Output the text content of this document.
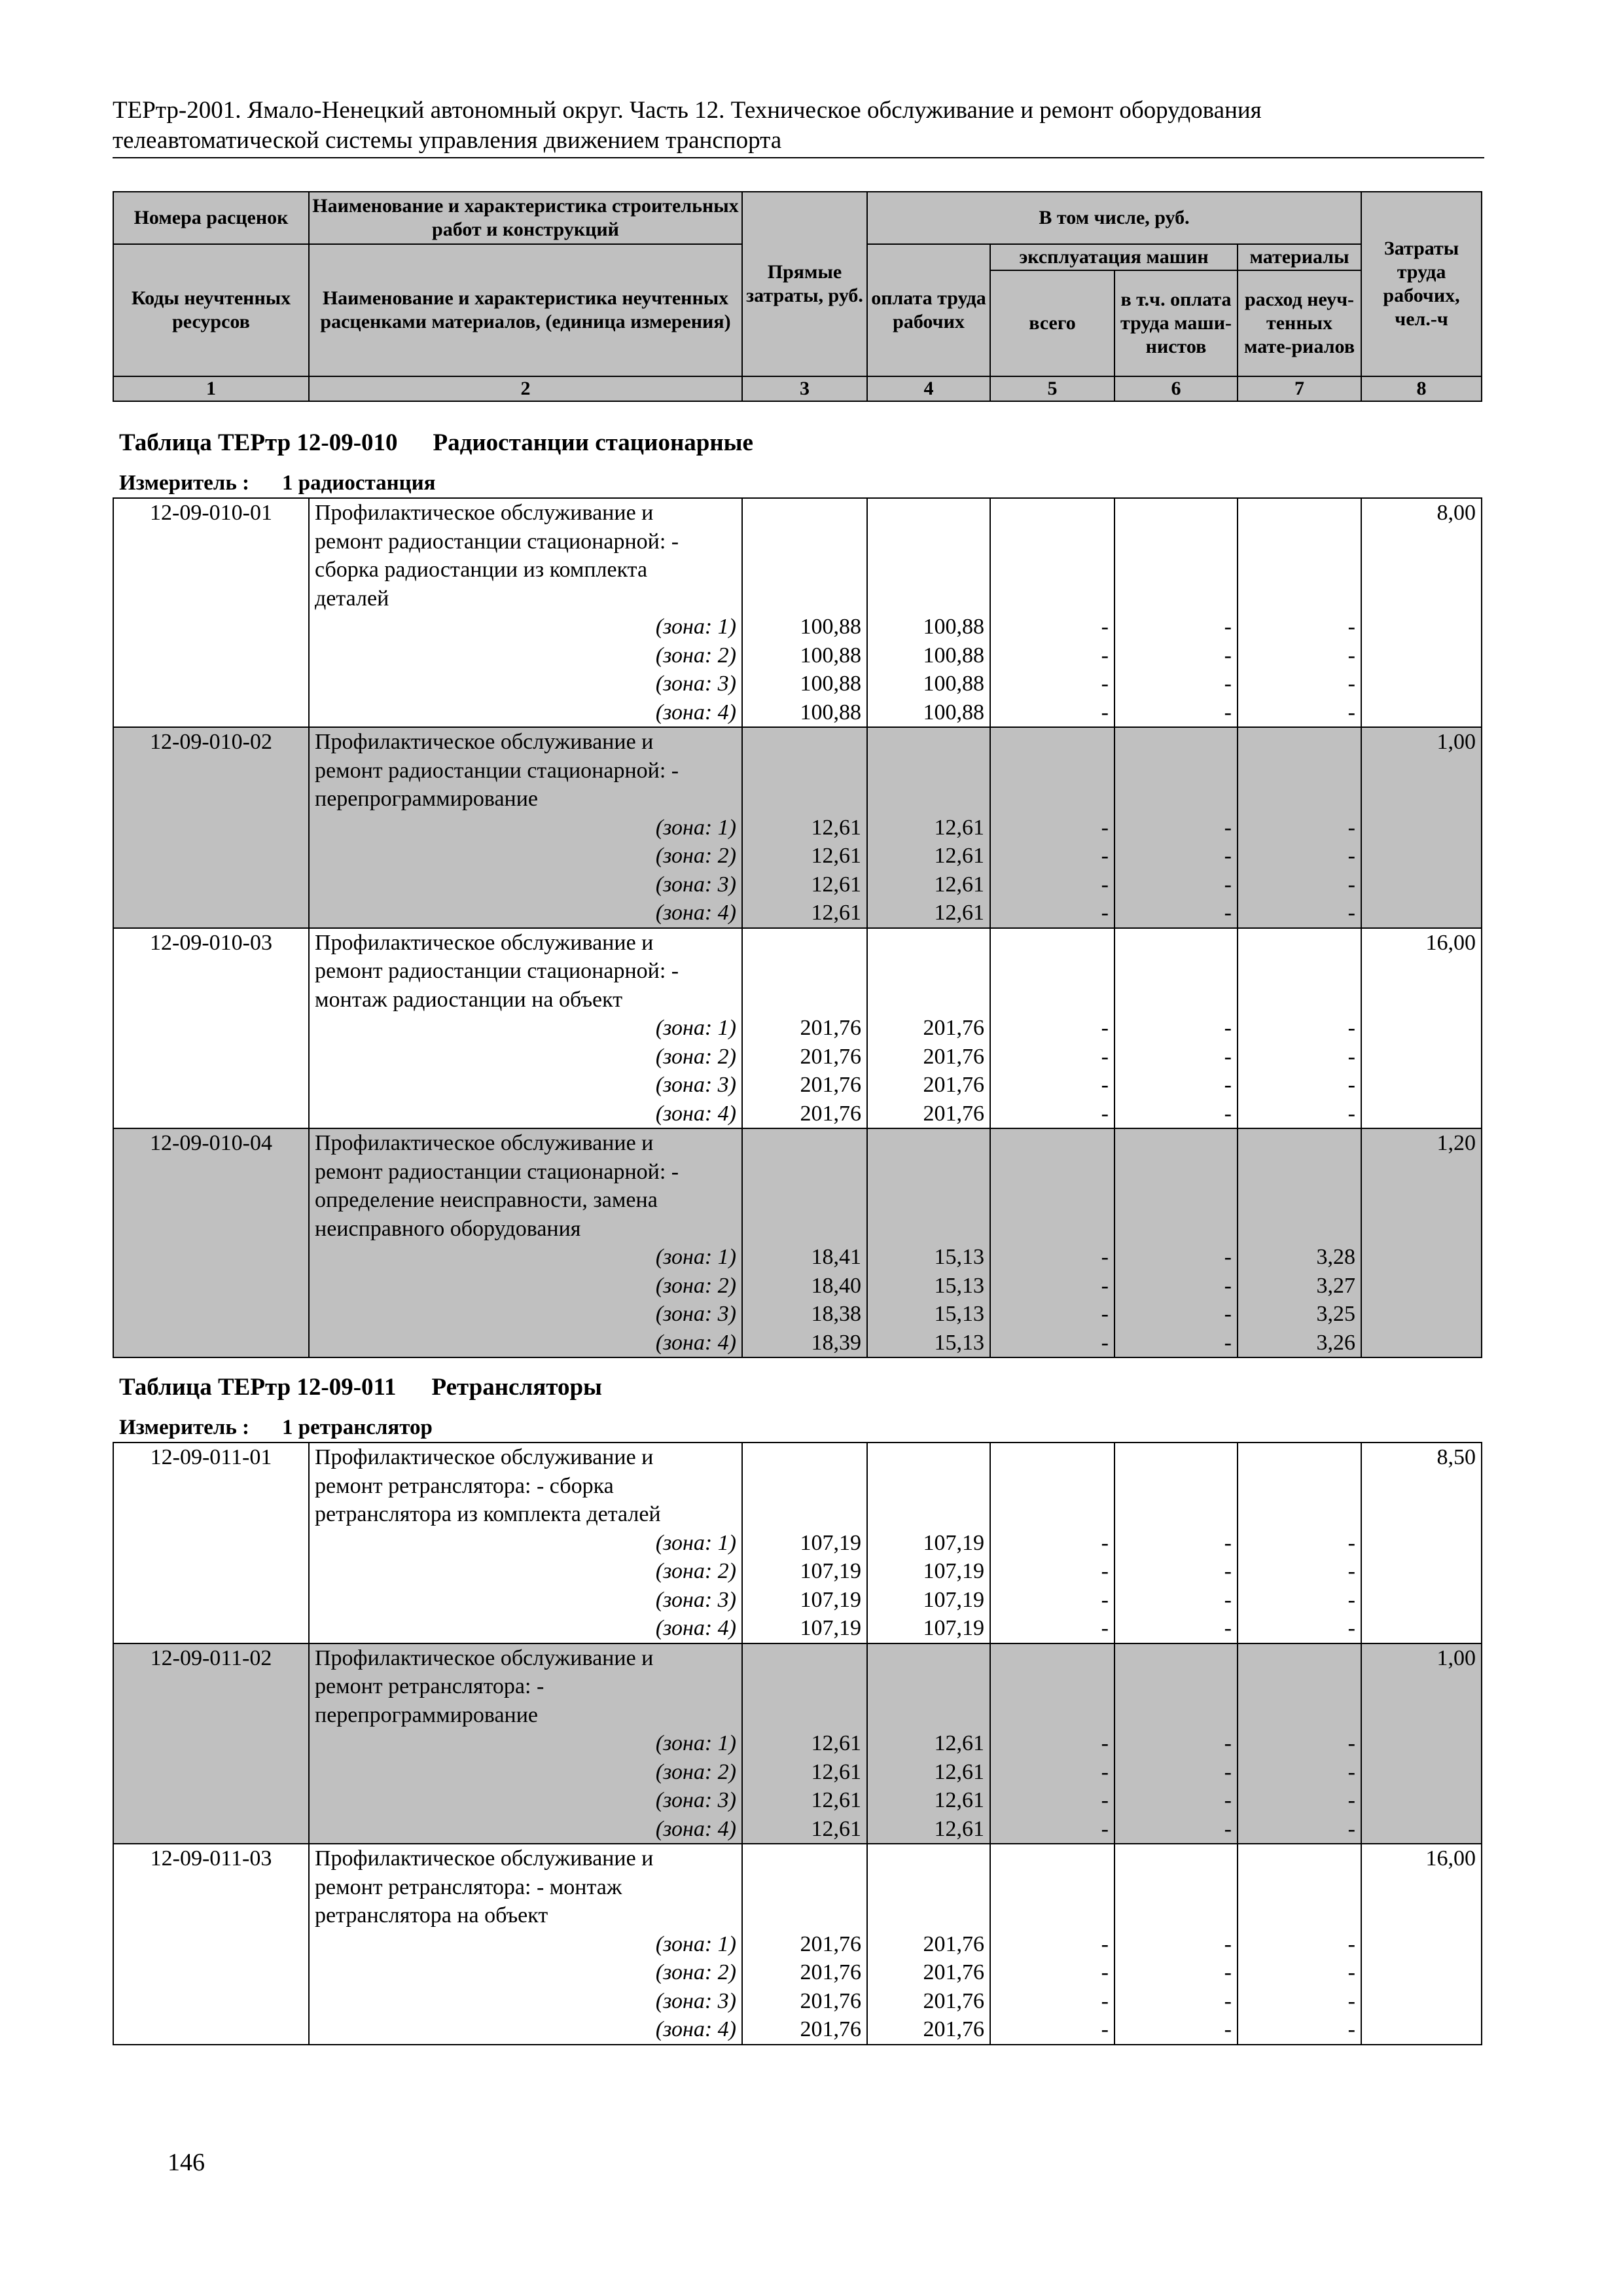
ТЕРтр-2001. Ямало-Ненецкий автономный округ. Часть 12. Техническое обслуживание и ремонт оборудования
телеавтоматической системы управления движением транспорта
Номера расценок	Наименование и характеристика строительных работ и конструкций	Прямые затраты, руб.	В том числе, руб.				Затраты труда рабочих, чел.-ч
Коды неучтенных ресурсов	Наименование и характеристика неучтенных расценками материалов, (единица измерения)		оплата труда рабочих	эксплуатация машин		материалы	
				всего	в т.ч. оплата труда маши-нистов	расход неуч-тенных мате-риалов	

1	2	3	4	5	6	7	8
Таблица ТЕРтр 12-09-010 Радиостанции стационарные
Измеритель : 1 радиостанция
12-09-010-01	Профилактическое обслуживание и						8,00
	ремонт радиостанции стационарной: -						
	сборка радиостанции из комплекта						
	деталей						
	(зона: 1)	100,88	100,88	-	-	-	
	(зона: 2)	100,88	100,88	-	-	-	
	(зона: 3)	100,88	100,88	-	-	-	
	(зона: 4)	100,88	100,88	-	-	-	
12-09-010-02	Профилактическое обслуживание и						1,00
	ремонт радиостанции стационарной: -						
	перепрограммирование						
	(зона: 1)	12,61	12,61	-	-	-	
	(зона: 2)	12,61	12,61	-	-	-	
	(зона: 3)	12,61	12,61	-	-	-	
	(зона: 4)	12,61	12,61	-	-	-	
12-09-010-03	Профилактическое обслуживание и						16,00
	ремонт радиостанции стационарной: -						
	монтаж радиостанции на объект						
	(зона: 1)	201,76	201,76	-	-	-	
	(зона: 2)	201,76	201,76	-	-	-	
	(зона: 3)	201,76	201,76	-	-	-	
	(зона: 4)	201,76	201,76	-	-	-	
12-09-010-04	Профилактическое обслуживание и						1,20
	ремонт радиостанции стационарной: -						
	определение неисправности, замена						
	неисправного оборудования						
	(зона: 1)	18,41	15,13	-	-	3,28	
	(зона: 2)	18,40	15,13	-	-	3,27	
	(зона: 3)	18,38	15,13	-	-	3,25	
	(зона: 4)	18,39	15,13	-	-	3,26	
Таблица ТЕРтр 12-09-011 Ретрансляторы
Измеритель : 1 ретранслятор
12-09-011-01	Профилактическое обслуживание и						8,50
	ремонт ретранслятора: - сборка						
	ретранслятора из комплекта деталей						
	(зона: 1)	107,19	107,19	-	-	-	
	(зона: 2)	107,19	107,19	-	-	-	
	(зона: 3)	107,19	107,19	-	-	-	
	(зона: 4)	107,19	107,19	-	-	-	
12-09-011-02	Профилактическое обслуживание и						1,00
	ремонт ретранслятора: -						
	перепрограммирование						
	(зона: 1)	12,61	12,61	-	-	-	
	(зона: 2)	12,61	12,61	-	-	-	
	(зона: 3)	12,61	12,61	-	-	-	
	(зона: 4)	12,61	12,61	-	-	-	
12-09-011-03	Профилактическое обслуживание и						16,00
	ремонт ретранслятора: - монтаж						
	ретранслятора на объект						
	(зона: 1)	201,76	201,76	-	-	-	
	(зона: 2)	201,76	201,76	-	-	-	
	(зона: 3)	201,76	201,76	-	-	-	
	(зона: 4)	201,76	201,76	-	-	-	
146
